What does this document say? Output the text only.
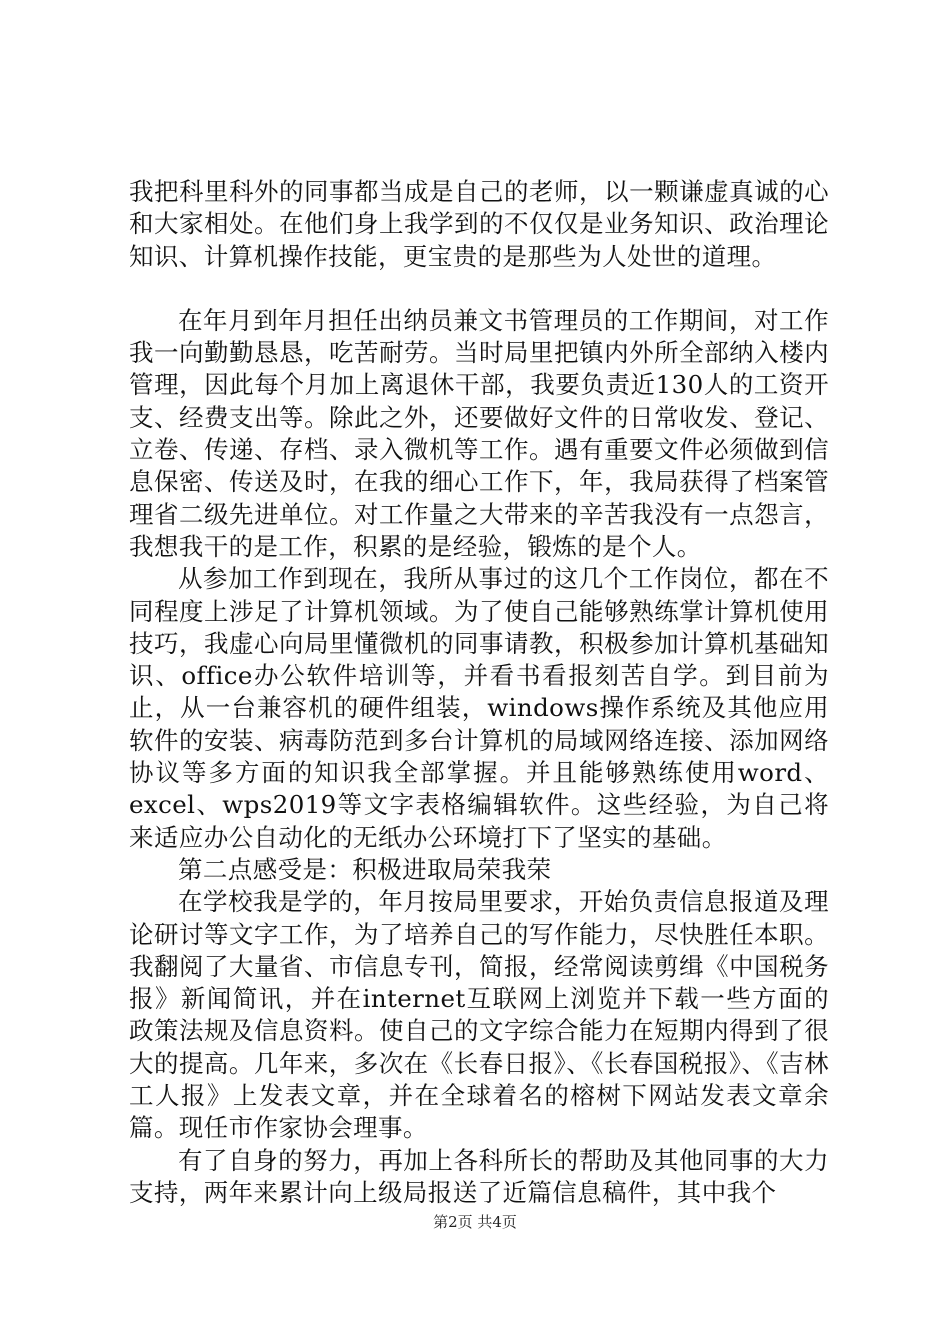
我把科里科外的同事都当成是自己的老师，以一颗谦虚真诚的心和大家相处。在他们身上我学到的不仅仅是业务知识、政治理论知识、计算机操作技能，更宝贵的是那些为人处世的道理。

在年月到年月担任出纳员兼文书管理员的工作期间，对工作我一向勤勤恳恳，吃苦耐劳。当时局里把镇内外所全部纳入楼内管理，因此每个月加上离退休干部，我要负责近130人的工资开支、经费支出等。除此之外，还要做好文件的日常收发、登记、立卷、传递、存档、录入微机等工作。遇有重要文件必须做到信息保密、传送及时，在我的细心工作下，年，我局获得了档案管理省二级先进单位。对工作量之大带来的辛苦我没有一点怨言，我想我干的是工作，积累的是经验，锻炼的是个人。

从参加工作到现在，我所从事过的这几个工作岗位，都在不同程度上涉足了计算机领域。为了使自己能够熟练掌计算机使用技巧，我虚心向局里懂微机的同事请教，积极参加计算机基础知识、office办公软件培训等，并看书看报刻苦自学。到目前为止，从一台兼容机的硬件组装，windows操作系统及其他应用软件的安装、病毒防范到多台计算机的局域网络连接、添加网络协议等多方面的知识我全部掌握。并且能够熟练使用word、excel、wps2019等文字表格编辑软件。这些经验，为自己将来适应办公自动化的无纸办公环境打下了坚实的基础。

第二点感受是：积极进取局荣我荣

在学校我是学的，年月按局里要求，开始负责信息报道及理论研讨等文字工作，为了培养自己的写作能力，尽快胜任本职。我翻阅了大量省、市信息专刊，简报，经常阅读剪缉《中国税务报》新闻简讯，并在internet互联网上浏览并下载一些方面的政策法规及信息资料。使自己的文字综合能力在短期内得到了很大的提高。几年来，多次在《长春日报》、《长春国税报》、《吉林工人报》上发表文章，并在全球着名的榕树下网站发表文章余篇。现任市作家协会理事。

有了自身的努力，再加上各科所长的帮助及其他同事的大力支持，两年来累计向上级局报送了近篇信息稿件，其中我个

第2页 共4页
